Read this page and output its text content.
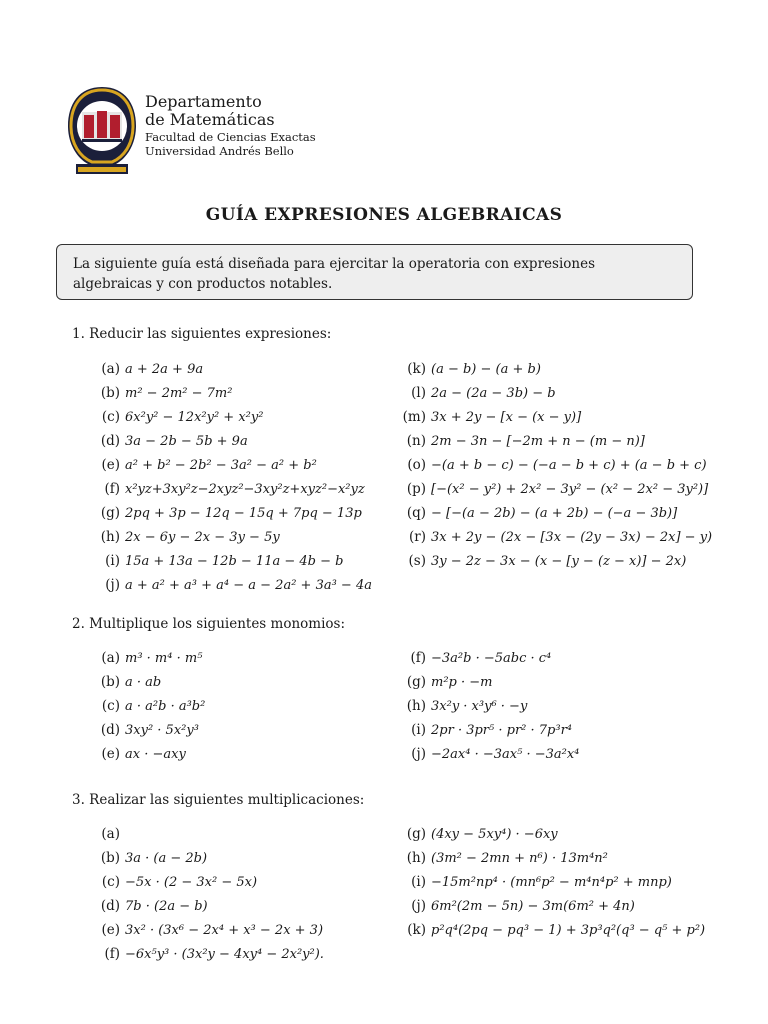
Departamento
de Matemáticas
Facultad de Ciencias Exactas
Universidad Andrés Bello
GUÍA EXPRESIONES ALGEBRAICAS
La siguiente guía está diseñada para ejercitar la operatoria con expresiones algebraicas y con productos notables.
1. Reducir las siguientes expresiones:
(a) a + 2a + 9a
(b) m² − 2m² − 7m²
(c) 6x²y² − 12x²y² + x²y²
(d) 3a − 2b − 5b + 9a
(e) a² + b² − 2b² − 3a² − a² + b²
(f) x²yz+3xy²z−2xyz²−3xy²z+xyz²−x²yz
(g) 2pq + 3p − 12q − 15q + 7pq − 13p
(h) 2x − 6y − 2x − 3y − 5y
(i) 15a + 13a − 12b − 11a − 4b − b
(j) a + a² + a³ + a⁴ − a − 2a² + 3a³ − 4a
(k) (a − b) − (a + b)
(l) 2a − (2a − 3b) − b
(m) 3x + 2y − [x − (x − y)]
(n) 2m − 3n − [−2m + n − (m − n)]
(o) −(a + b − c) − (−a − b + c) + (a − b + c)
(p) [−(x² − y²) + 2x² − 3y² − (x² − 2x² − 3y²)]
(q) − [−(a − 2b) − (a + 2b) − (−a − 3b)]
(r) 3x + 2y − (2x − [3x − (2y − 3x) − 2x] − y)
(s) 3y − 2z − 3x − (x − [y − (z − x)] − 2x)
2. Multiplique los siguientes monomios:
(a) m³ · m⁴ · m⁵
(b) a · ab
(c) a · a²b · a³b²
(d) 3xy² · 5x²y³
(e) ax · −axy
(f) −3a²b · −5abc · c⁴
(g) m²p · −m
(h) 3x²y · x³y⁶ · −y
(i) 2pr · 3pr⁵ · pr² · 7p³r⁴
(j) −2ax⁴ · −3ax⁵ · −3a²x⁴
3. Realizar las siguientes multiplicaciones:
(a)
(b) 3a · (a − 2b)
(c) −5x · (2 − 3x² − 5x)
(d) 7b · (2a − b)
(e) 3x² · (3x⁶ − 2x⁴ + x³ − 2x + 3)
(f) −6x⁵y³ · (3x²y − 4xy⁴ − 2x²y²).
(g) (4xy − 5xy⁴) · −6xy
(h) (3m² − 2mn + n⁶) · 13m⁴n²
(i) −15m²np⁴ · (mn⁶p² − m⁴n⁴p² + mnp)
(j) 6m²(2m − 5n) − 3m(6m² + 4n)
(k) p²q⁴(2pq − pq³ − 1) + 3p³q²(q³ − q⁵ + p²)
